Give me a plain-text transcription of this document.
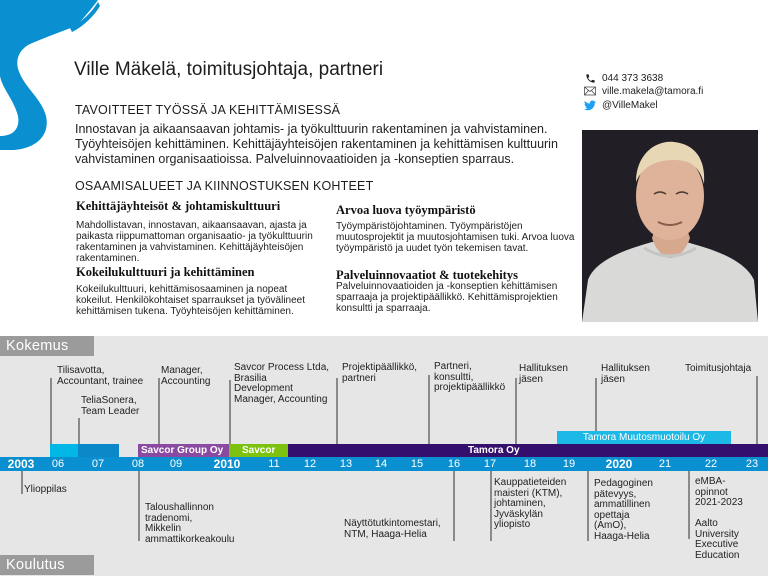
Ville Mäkelä, toimitusjohtaja, partneri	044 373 3638
ville.makela@tamora.fi
@VilleMakel
TAVOITTEET TYÖSSÄ JA KEHITTÄMISESSÄ
Innostavan ja aikaansaavan johtamis- ja työkulttuurin rakentaminen ja vahvistaminen. Työyhteisöjen kehittäminen. Kehittäjäyhteisöjen rakentaminen ja kehittämisen kulttuurin vahvistaminen organisaatioissa. Palveluinnovaatioiden ja -konseptien sparraus.
OSAAMISALUEET JA KIINNOSTUKSEN KOHTEET
Kehittäjäyhteisöt & johtamiskulttuuri
Mahdollistavan, innostavan, aikaansaavan, ajasta ja paikasta riippumattoman organisaatio- ja työkulttuurin rakentaminen ja vahvistaminen. Kehittäjäyhteisöjen rakentaminen.
Kokeilukulttuuri ja kehittäminen
Kokeilukulttuuri, kehittämisosaaminen ja nopeat kokeilut. Henkilökohtaiset sparraukset ja työvälineet kehittämisen tukena. Työyhteisöjen kehittäminen.
Arvoa luova työympäristö
Työympäristöjohtaminen. Työympäristöjen muutosprojektit ja muutosjohtamisen tuki. Arvoa luova työympäristö ja uudet työn tekemisen tavat.
Palveluinnovaatiot & tuotekehitys
Palveluinnovaatioiden ja -konseptien kehittämisen sparraaja ja projektipäällikkö. Kehittämisprojektien konsultti ja sparraaja.
Kokemus
Tilisavotta,
Accountant, trainee
TeliaSonera,
Team Leader
Manager,
Accounting
Savcor Process Ltda,
Brasilia
Development
Manager, Accounting
Projektipäällikkö,
partneri
Partneri,
konsultti,
projektipäällikkö
Hallituksen
jäsen
Hallituksen
jäsen
Toimitusjohtaja
Tamora Muutosmuotoilu Oy
Savcor Group Oy	Savcor	Tamora Oy
2003 06	07	08 09	2010	11 12 13 14 15 16 17	18 19	2020 21	22	23
Ylioppilas
Taloushallinnon
tradenomi,
Mikkelin
ammattikorkeakoulu
Näyttötutkintomestari,
NTM, Haaga-Helia
Kauppatieteiden
maisteri (KTM),
johtaminen,
Jyväskylän
yliopisto
Pedagoginen
pätevyys,
ammatillinen
opettaja
(AmO),
Haaga-Helia
eMBA-
opinnot
2021-2023
Aalto
University
Executive
Education
Koulutus
